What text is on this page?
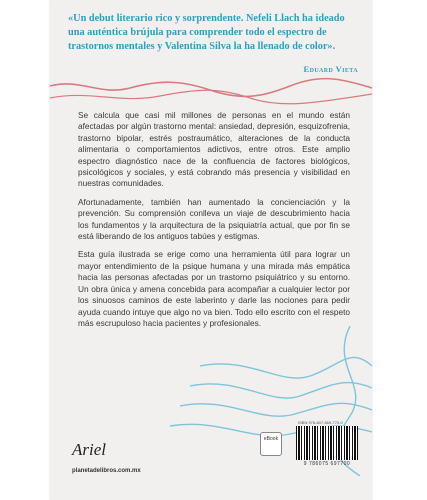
«Un debut literario rico y sorprendente. Nefeli Llach ha ideado una auténtica brújula para comprender todo el espectro de trastornos mentales y Valentina Silva la ha llenado de color».
Eduard Vieta

Se calcula que casi mil millones de personas en el mundo están afectadas por algún trastorno mental: ansiedad, depresión, esquizofrenia, trastorno bipolar, estrés postraumático, alteraciones de la conducta alimentaria o comportamientos adictivos, entre otros. Este amplio espectro diagnóstico nace de la confluencia de factores biológicos, psicológicos y sociales, y está cobrando más presencia y visibilidad en nuestras comunidades.

Afortunadamente, también han aumentado la concienciación y la prevención. Su comprensión conlleva un viaje de descubrimiento hacia los fundamentos y la arquitectura de la psiquiatría actual, que por fin se está liberando de los antiguos tabúes y estigmas.

Esta guía ilustrada se erige como una herramienta útil para lograr un mayor entendimiento de la psique humana y una mirada más empática hacia las personas afectadas por un trastorno psiquiátrico y su entorno. Un obra única y amena concebida para acompañar a cualquier lector por los sinuosos caminos de este laberinto y darle las nociones para pedir ayuda cuando intuye que algo no va bien. Todo ello escrito con el respeto más escrupuloso hacia pacientes y profesionales.

Ariel
planetadelibros.com.mx
eBook
ISBN 978-607-569-770-0
9 786075 697700
